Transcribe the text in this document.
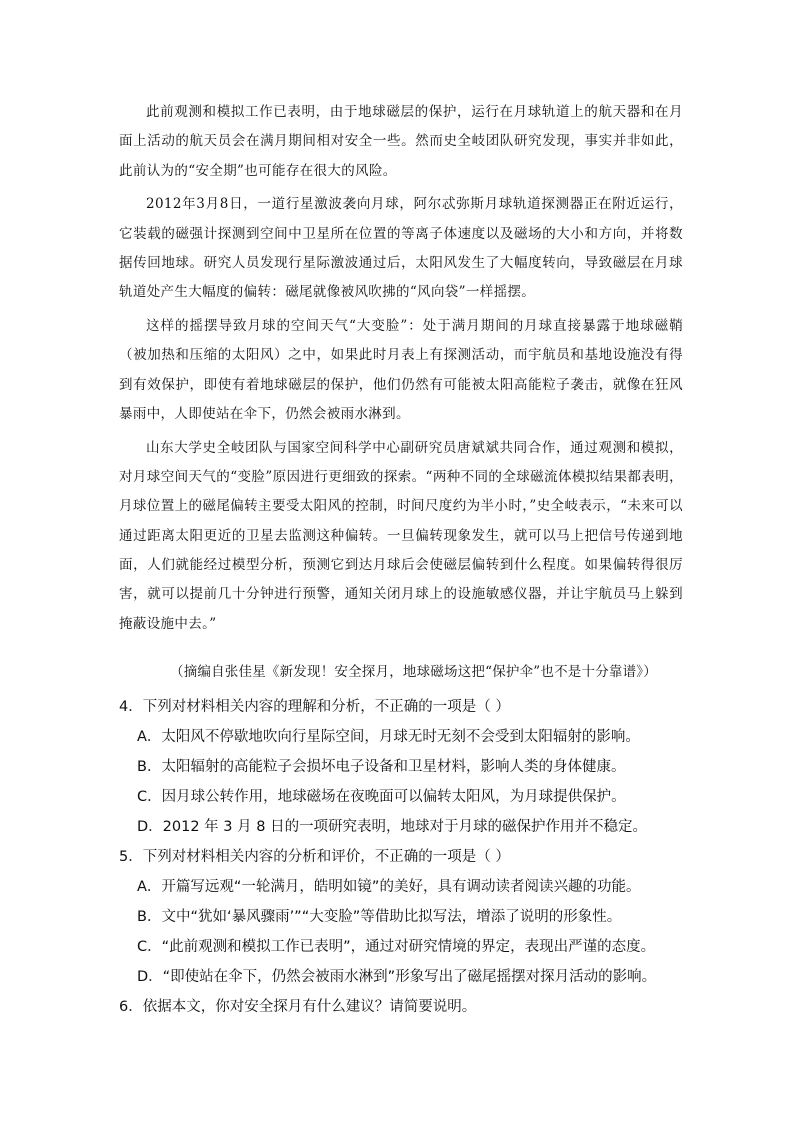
此前观测和模拟工作已表明，由于地球磁层的保护，运行在月球轨道上的航天器和在月面上活动的航天员会在满月期间相对安全一些。然而史全岐团队研究发现，事实并非如此，此前认为的“安全期”也可能存在很大的风险。

2012年3月8日，一道行星激波袭向月球，阿尔忒弥斯月球轨道探测器正在附近运行，它装载的磁强计探测到空间中卫星所在位置的等离子体速度以及磁场的大小和方向，并将数据传回地球。研究人员发现行星际激波通过后，太阳风发生了大幅度转向，导致磁层在月球轨道处产生大幅度的偏转：磁尾就像被风吹拂的“风向袋”一样摇摆。

这样的摇摆导致月球的空间天气“大变脸”：处于满月期间的月球直接暴露于地球磁鞘（被加热和压缩的太阳风）之中，如果此时月表上有探测活动，而宇航员和基地设施没有得到有效保护，即使有着地球磁层的保护，他们仍然有可能被太阳高能粒子袭击，就像在狂风暴雨中，人即使站在伞下，仍然会被雨水淋到。

山东大学史全岐团队与国家空间科学中心副研究员唐斌斌共同合作，通过观测和模拟，对月球空间天气的“变脸”原因进行更细致的探索。“两种不同的全球磁流体模拟结果都表明，月球位置上的磁尾偏转主要受太阳风的控制，时间尺度约为半小时，”史全岐表示，“未来可以通过距离太阳更近的卫星去监测这种偏转。一旦偏转现象发生，就可以马上把信号传递到地面，人们就能经过模型分析，预测它到达月球后会使磁层偏转到什么程度。如果偏转得很厉害，就可以提前几十分钟进行预警，通知关闭月球上的设施敏感仪器，并让宇航员马上躲到掩蔽设施中去。”

（摘编自张佳星《新发现！安全探月，地球磁场这把“保护伞”也不是十分靠谱》）
4．下列对材料相关内容的理解和分析，不正确的一项是（ ）
A．太阳风不停歇地吹向行星际空间，月球无时无刻不会受到太阳辐射的影响。
B．太阳辐射的高能粒子会损坏电子设备和卫星材料，影响人类的身体健康。
C．因月球公转作用，地球磁场在夜晚面可以偏转太阳风，为月球提供保护。
D．2012 年 3 月 8 日的一项研究表明，地球对于月球的磁保护作用并不稳定。
5．下列对材料相关内容的分析和评价，不正确的一项是（ ）
A．开篇写远观“一轮满月，皓明如镜”的美好，具有调动读者阅读兴趣的功能。
B．文中“犹如‘暴风骤雨’”“大变脸”等借助比拟写法，增添了说明的形象性。
C．“此前观测和模拟工作已表明”，通过对研究情境的界定，表现出严谨的态度。
D．“即使站在伞下，仍然会被雨水淋到”形象写出了磁尾摇摆对探月活动的影响。
6．依据本文，你对安全探月有什么建议？请简要说明。
